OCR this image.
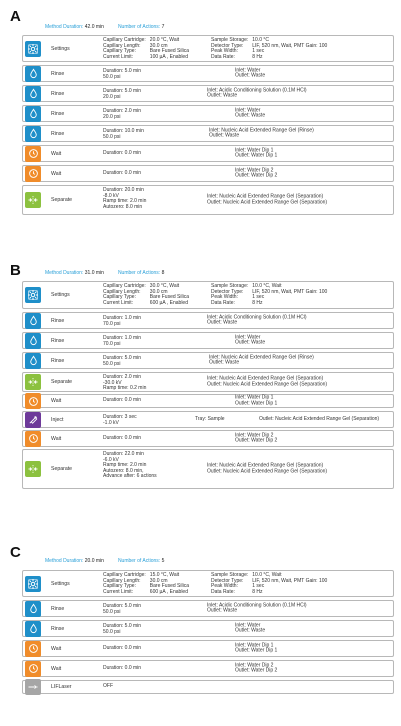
A
Method Duration: 42.0 min	Number of Actions: 7
Settings
Capillary Cartridge: 20.0 °C, Wait
Capillary Length:	30.0 cm
Capillary Type:	Bare Fused Silica
Current Limit:	100 µA , Enabled
Sample Storage: 10.0 °C
Detector Type:	LIF, 520 nm, Wait, PMT Gain: 100
Peak Width:	1 sec
Data Rate:	8 Hz
Rinse	Duration: 5.0 min
50.0 psi
Inlet: Water
Outlet: Waste
Rinse	Duration: 5.0 min
20.0 psi
Inlet: Acidic Conditioning Solution (0.1M HCl)
Outlet: Waste
Rinse	Duration: 2.0 min
20.0 psi
Inlet: Water
Outlet: Waste
Rinse	Duration: 10.0 min
50.0 psi
Inlet: Nucleic Acid Extended Range Gel (Rinse)
Outlet: Waste
Wait	Duration: 0.0 min	Inlet: Water Dip 1
Outlet: Water Dip 1
Wait	Duration: 0.0 min	Inlet: Water Dip 2
Outlet: Water Dip 2
Separate
Duration: 20.0 min
-8.0 kV
Ramp time: 2.0 min
Autozero: 8.0 min
Inlet: Nucleic Acid Extended Range Gel (Separation)
Outlet: Nucleic Acid Extended Range Gel (Separation)
B	Method Duration: 31.0 min	Number of Actions: 8
Settings
Capillary Cartridge: 30.0 °C, Wait
Capillary Length:	30.0 cm
Capillary Type:	Bare Fused Silica
Current Limit:	600 µA , Enabled
Sample Storage: 10.0 °C, Wait
Detector Type:	LIF, 520 nm, Wait, PMT Gain: 100
Peak Width:	1 sec
Data Rate:	8 Hz
Rinse	Duration: 1.0 min
70.0 psi
Inlet: Acidic Conditioning Solution (0.1M HCl)
Outlet: Waste
Rinse	Duration: 1.0 min
70.0 psi
Inlet: Water
Outlet: Waste
Rinse	Duration: 5.0 min
50.0 psi
Inlet: Nucleic Acid Extended Range Gel (Rinse)
Outlet: Waste
Separate
Duration: 2.0 min
-30.0 kV
Ramp time: 0.2 min
Inlet: Nucleic Acid Extended Range Gel (Separation)
Outlet: Nucleic Acid Extended Range Gel (Separation)
Wait	Duration: 0.0 min	Inlet: Water Dip 1
Outlet: Water Dip 1
Inject	Duration: 3 sec
-1.0 kV
Tray: Sample	Outlet: Nucleic Acid Extended Range Gel (Separation)
Wait	Duration: 0.0 min	Inlet: Water Dip 2
Outlet: Water Dip 2
Separate
Duration: 22.0 min
-6.0 kV
Ramp time: 2.0 min
Autozero: 8.0 min,
Advance after: 6 actions
Inlet: Nucleic Acid Extended Range Gel (Separation)
Outlet: Nucleic Acid Extended Range Gel (Separation)
C	Method Duration: 20.0 min	Number of Actions: 5
Settings
Capillary Cartridge: 15.0 °C, Wait
Capillary Length:	30.0 cm
Capillary Type:	Bare Fused Silica
Current Limit:	600 µA , Enabled
Sample Storage: 10.0 °C, Wait
Detector Type:	LIF, 520 nm, Wait, PMT Gain: 100
Peak Width:	1 sec
Data Rate:	8 Hz
Rinse	Duration: 5.0 min
50.0 psi
Inlet: Acidic Conditioning Solution (0.1M HCl)
Outlet: Waste
Rinse	Duration: 5.0 min
50.0 psi
Inlet: Water
Outlet: Waste
Wait	Duration: 0.0 min	Inlet: Water Dip 1
Outlet: Water Dip 1
Wait	Duration: 0.0 min	Inlet: Water Dip 2
Outlet: Water Dip 2
LIFLaser	OFF
